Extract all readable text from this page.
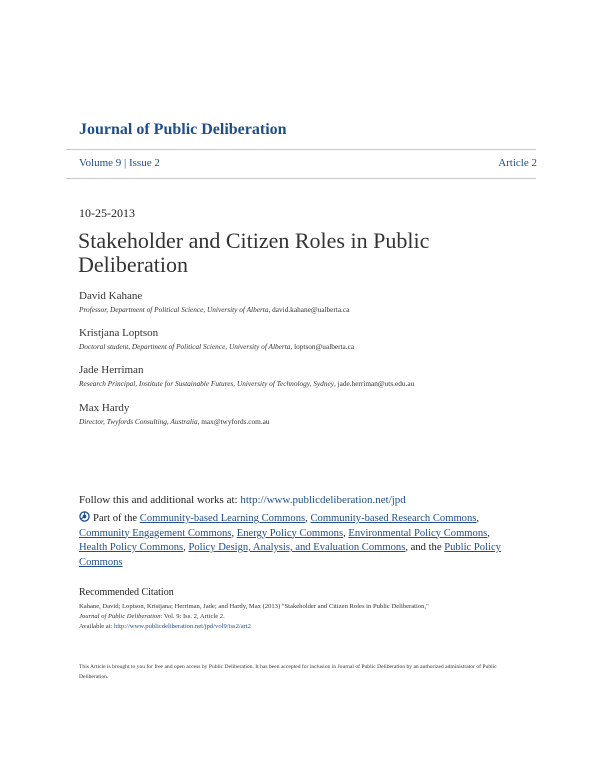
Journal of Public Deliberation
Volume 9 | Issue 2	Article 2
10-25-2013
Stakeholder and Citizen Roles in Public
Deliberation
David Kahane
Professor, Department of Political Science, University of Alberta, david.kahane@ualberta.ca
Kristjana Loptson
Doctoral student, Department of Political Science, University of Alberta, loptson@ualberta.ca
Jade Herriman
Research Principal, Institute for Sustainable Futures, University of Technology, Sydney, jade.herriman@uts.edu.au
Max Hardy
Director, Twyfords Consulting, Australia, max@twyfords.com.au
Follow this and additional works at: http://www.publicdeliberation.net/jpd
Part of the Community-based Learning Commons, Community-based Research Commons, Community Engagement Commons, Energy Policy Commons, Environmental Policy Commons, Health Policy Commons, Policy Design, Analysis, and Evaluation Commons, and the Public Policy Commons
Recommended Citation
Kahane, David; Loptson, Kristjana; Herriman, Jade; and Hardy, Max (2013) "Stakeholder and Citizen Roles in Public Deliberation,"
Journal of Public Deliberation: Vol. 9: Iss. 2, Article 2.
Available at: http://www.publicdeliberation.net/jpd/vol9/iss2/art2
This Article is brought to you for free and open access by Public Deliberation. It has been accepted for inclusion in Journal of Public Deliberation by an authorized administrator of Public Deliberation.
